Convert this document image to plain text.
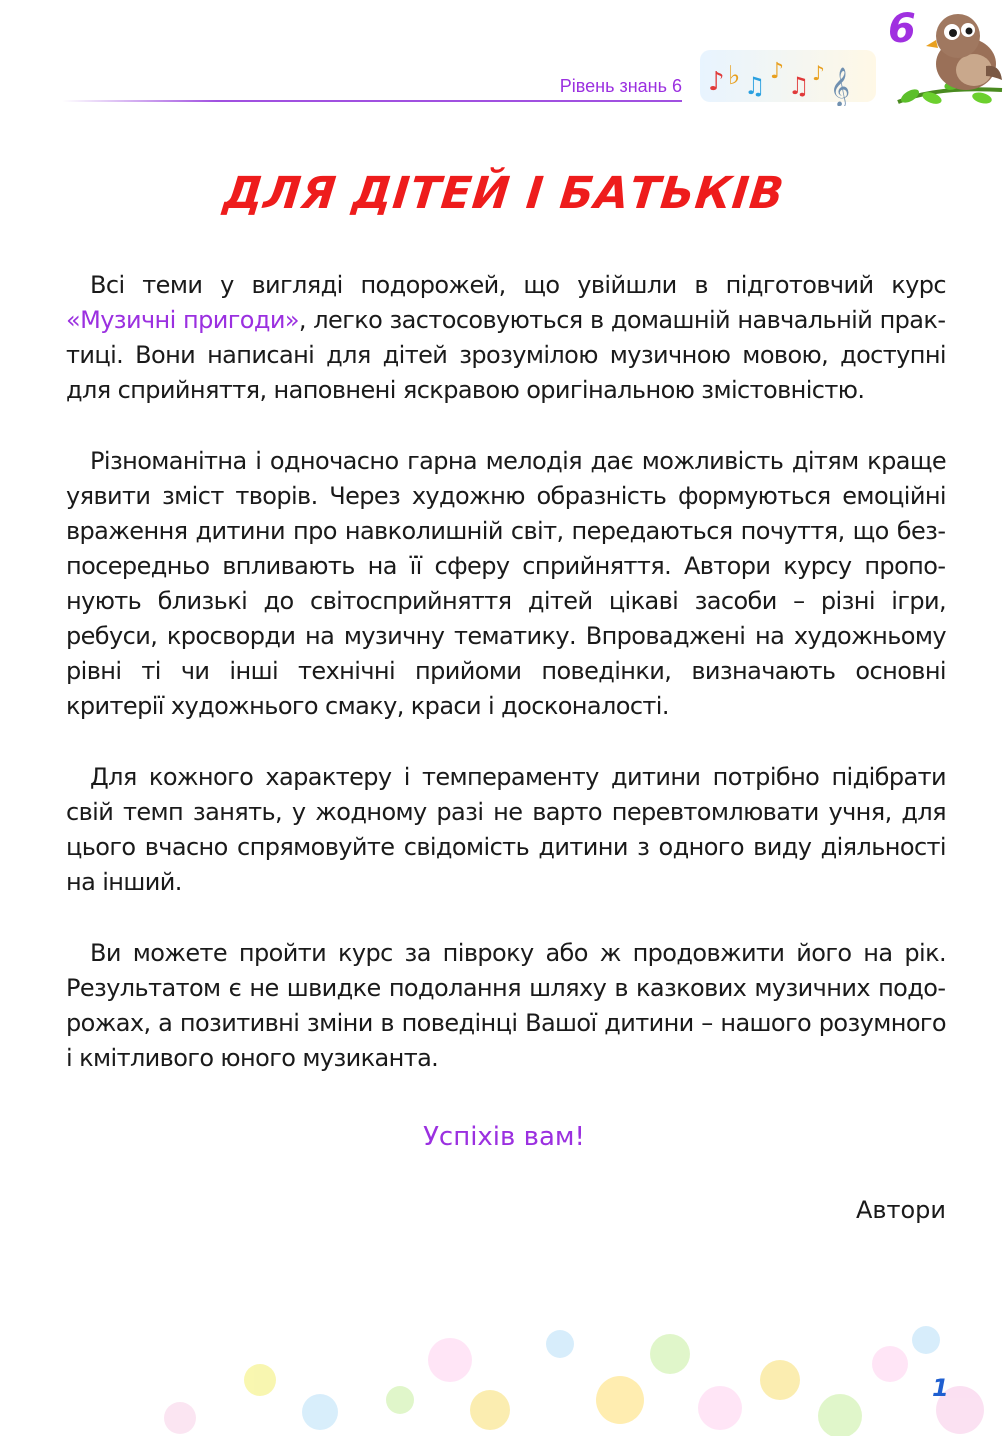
Рівень знань 6 ♪ ♭ ♫
♪
♫ ♪ 𝄞
6
ДЛЯ ДІТЕЙ І БАТЬКІВ

Всі теми у вигляді подорожей, що увійшли в підготовчий курс «Музичні пригоди», легко застосовуються в домашній навчальній практиці. Вони написані для дітей зрозумілою музичною мовою, доступні для сприйняття, наповнені яскравою оригінальною змістовністю.

Різноманітна і одночасно гарна мелодія дає можливість дітям краще уявити зміст творів. Через художню образність формуються емоційні враження дитини про навколишній світ, передаються почуття, що безпосередньо впливають на її сферу сприйняття. Автори курсу пропонують близькі до світосприйняття дітей цікаві засоби – різні ігри, ребуси, кросворди на музичну тематику. Впроваджені на художньому рівні ті чи інші технічні прийоми поведінки, визначають основні критерії художнього смаку, краси і досконалості.

Для кожного характеру і темпераменту дитини потрібно підібрати свій темп занять, у жодному разі не варто перевтомлювати учня, для цього вчасно спрямовуйте свідомість дитини з одного виду діяльності на інший.

Ви можете пройти курс за півроку або ж продовжити його на рік. Результатом є не швидке подолання шляху в казкових музичних подорожах, а позитивні зміни в поведінці Вашої дитини – нашого розумного і кмітливого юного музиканта.

Успіхів вам!
Автори
1
